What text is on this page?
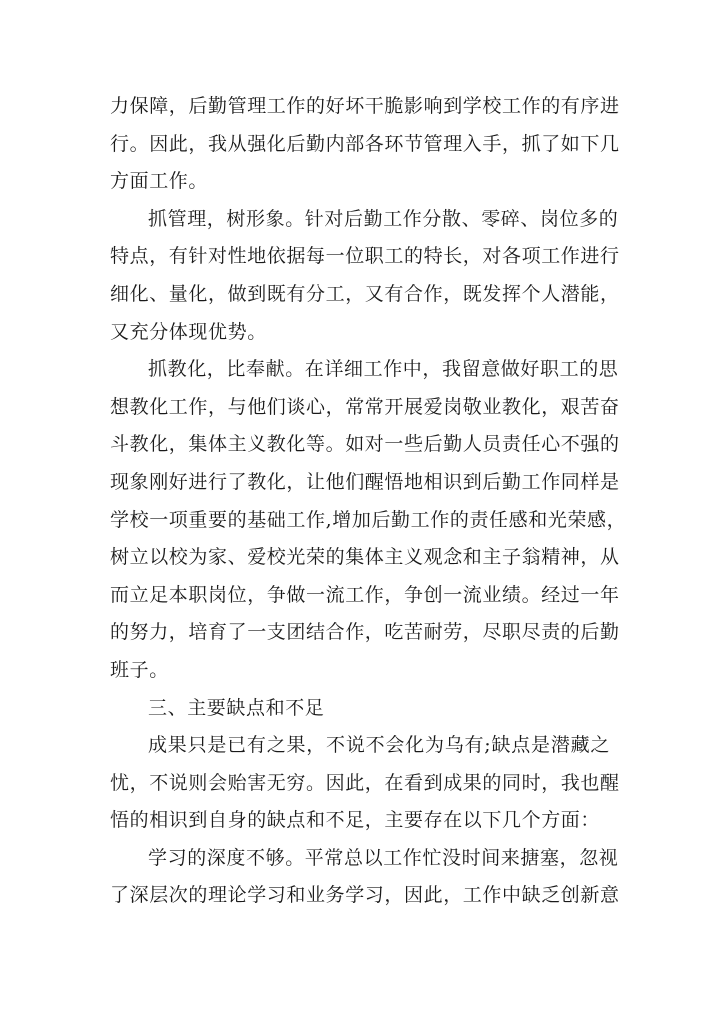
力保障，后勤管理工作的好坏干脆影响到学校工作的有序进
行。因此，我从强化后勤内部各环节管理入手，抓了如下几
方面工作。
抓管理，树形象。针对后勤工作分散、零碎、岗位多的
特点，有针对性地依据每一位职工的特长，对各项工作进行
细化、量化，做到既有分工，又有合作，既发挥个人潜能，
又充分体现优势。
抓教化，比奉献。在详细工作中，我留意做好职工的思
想教化工作，与他们谈心，常常开展爱岗敬业教化，艰苦奋
斗教化，集体主义教化等。如对一些后勤人员责任心不强的
现象刚好进行了教化，让他们醒悟地相识到后勤工作同样是
学校一项重要的基础工作,增加后勤工作的责任感和光荣感，
树立以校为家、爱校光荣的集体主义观念和主子翁精神，从
而立足本职岗位，争做一流工作，争创一流业绩。经过一年
的努力，培育了一支团结合作，吃苦耐劳，尽职尽责的后勤
班子。
三、主要缺点和不足
成果只是已有之果，不说不会化为乌有;缺点是潜藏之
忧，不说则会贻害无穷。因此，在看到成果的同时，我也醒
悟的相识到自身的缺点和不足，主要存在以下几个方面：
学习的深度不够。平常总以工作忙没时间来搪塞，忽视
了深层次的理论学习和业务学习，因此，工作中缺乏创新意
